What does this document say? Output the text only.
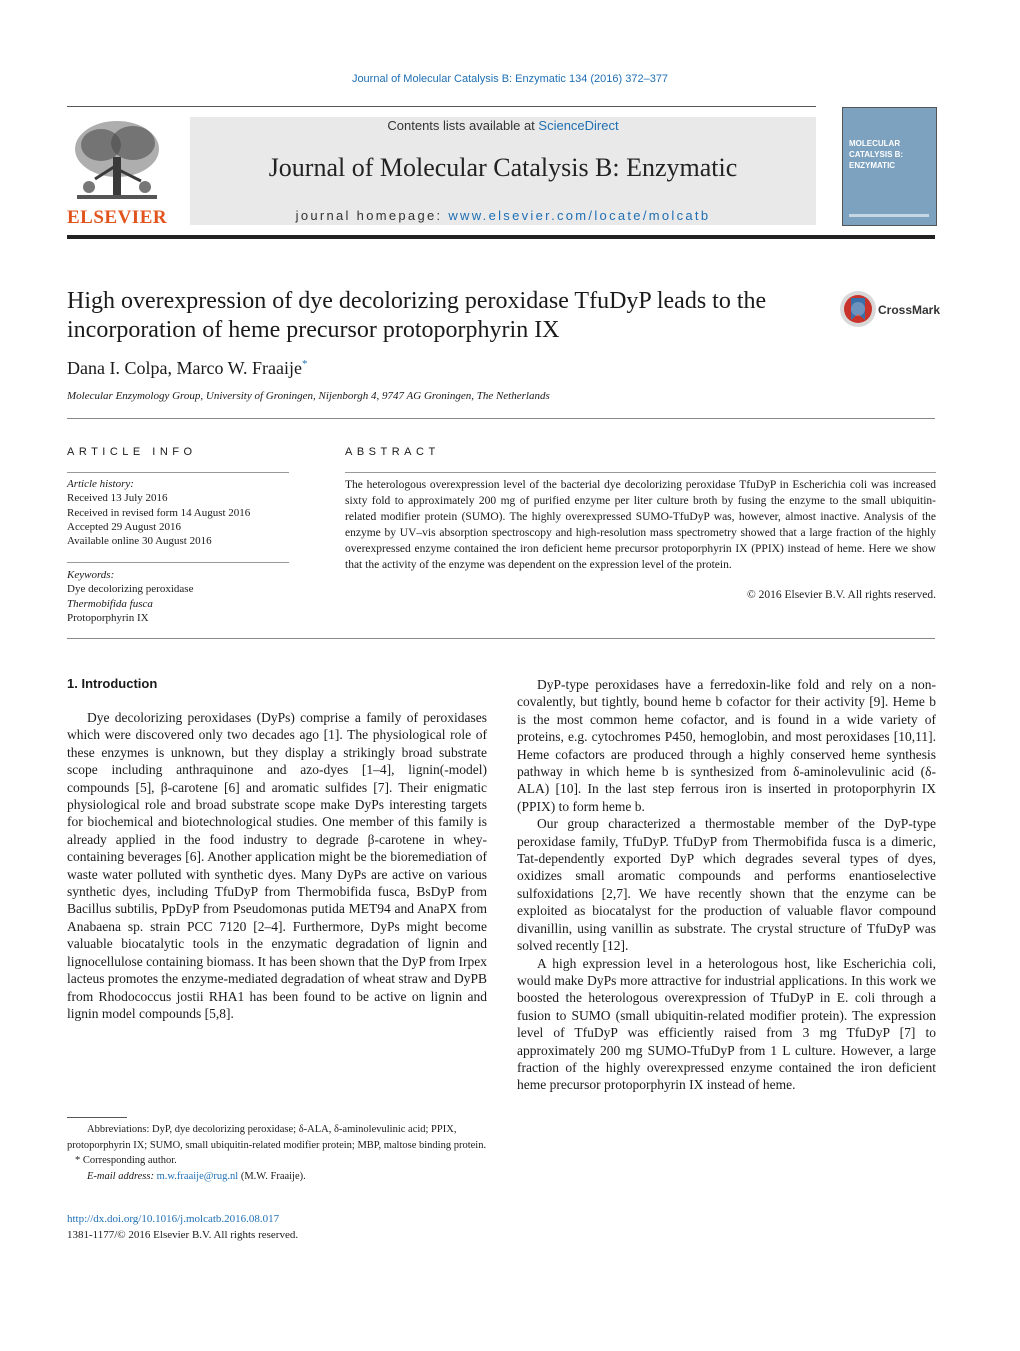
Journal of Molecular Catalysis B: Enzymatic 134 (2016) 372–377
ELSEVIER
Contents lists available at ScienceDirect
Journal of Molecular Catalysis B: Enzymatic
journal homepage: www.elsevier.com/locate/molcatb
MOLECULAR CATALYSIS B: ENZYMATIC
High overexpression of dye decolorizing peroxidase TfuDyP leads to the incorporation of heme precursor protoporphyrin IX
CrossMark
Dana I. Colpa, Marco W. Fraaije*
Molecular Enzymology Group, University of Groningen, Nijenborgh 4, 9747 AG Groningen, The Netherlands
ARTICLE INFO
Article history:
Received 13 July 2016
Received in revised form 14 August 2016
Accepted 29 August 2016
Available online 30 August 2016
Keywords:
Dye decolorizing peroxidase
Thermobifida fusca
Protoporphyrin IX
ABSTRACT
The heterologous overexpression level of the bacterial dye decolorizing peroxidase TfuDyP in Escherichia coli was increased sixty fold to approximately 200 mg of purified enzyme per liter culture broth by fusing the enzyme to the small ubiquitin-related modifier protein (SUMO). The highly overexpressed SUMO-TfuDyP was, however, almost inactive. Analysis of the enzyme by UV–vis absorption spectroscopy and high-resolution mass spectrometry showed that a large fraction of the highly overexpressed enzyme contained the iron deficient heme precursor protoporphyrin IX (PPIX) instead of heme. Here we show that the activity of the enzyme was dependent on the expression level of the protein.
© 2016 Elsevier B.V. All rights reserved.
1. Introduction

Dye decolorizing peroxidases (DyPs) comprise a family of peroxidases which were discovered only two decades ago [1]. The physiological role of these enzymes is unknown, but they display a strikingly broad substrate scope including anthraquinone and azo-dyes [1–4], lignin(-model) compounds [5], β-carotene [6] and aromatic sulfides [7]. Their enigmatic physiological role and broad substrate scope make DyPs interesting targets for biochemical and biotechnological studies. One member of this family is already applied in the food industry to degrade β-carotene in whey-containing beverages [6]. Another application might be the bioremediation of waste water polluted with synthetic dyes. Many DyPs are active on various synthetic dyes, including TfuDyP from Thermobifida fusca, BsDyP from Bacillus subtilis, PpDyP from Pseudomonas putida MET94 and AnaPX from Anabaena sp. strain PCC 7120 [2–4]. Furthermore, DyPs might become valuable biocatalytic tools in the enzymatic degradation of lignin and lignocellulose containing biomass. It has been shown that the DyP from Irpex lacteus promotes the enzyme-mediated degradation of wheat straw and DyPB from Rhodococcus jostii RHA1 has been found to be active on lignin and lignin model compounds [5,8].

DyP-type peroxidases have a ferredoxin-like fold and rely on a non-covalently, but tightly, bound heme b cofactor for their activity [9]. Heme b is the most common heme cofactor, and is found in a wide variety of proteins, e.g. cytochromes P450, hemoglobin, and most peroxidases [10,11]. Heme cofactors are produced through a highly conserved heme synthesis pathway in which heme b is synthesized from δ-aminolevulinic acid (δ-ALA) [10]. In the last step ferrous iron is inserted in protoporphyrin IX (PPIX) to form heme b.

Our group characterized a thermostable member of the DyP-type peroxidase family, TfuDyP. TfuDyP from Thermobifida fusca is a dimeric, Tat-dependently exported DyP which degrades several types of dyes, oxidizes small aromatic compounds and performs enantioselective sulfoxidations [2,7]. We have recently shown that the enzyme can be exploited as biocatalyst for the production of valuable flavor compound divanillin, using vanillin as substrate. The crystal structure of TfuDyP was solved recently [12].

A high expression level in a heterologous host, like Escherichia coli, would make DyPs more attractive for industrial applications. In this work we boosted the heterologous overexpression of TfuDyP in E. coli through a fusion to SUMO (small ubiquitin-related modifier protein). The expression level of TfuDyP was efficiently raised from 3 mg TfuDyP [7] to approximately 200 mg SUMO-TfuDyP from 1 L culture. However, a large fraction of the highly overexpressed enzyme contained the iron deficient heme precursor protoporphyrin IX instead of heme.

Abbreviations: DyP, dye decolorizing peroxidase; δ-ALA, δ-aminolevulinic acid; PPIX, protoporphyrin IX; SUMO, small ubiquitin-related modifier protein; MBP, maltose binding protein.
* Corresponding author.
E-mail address: m.w.fraaije@rug.nl (M.W. Fraaije).
http://dx.doi.org/10.1016/j.molcatb.2016.08.017
1381-1177/© 2016 Elsevier B.V. All rights reserved.
